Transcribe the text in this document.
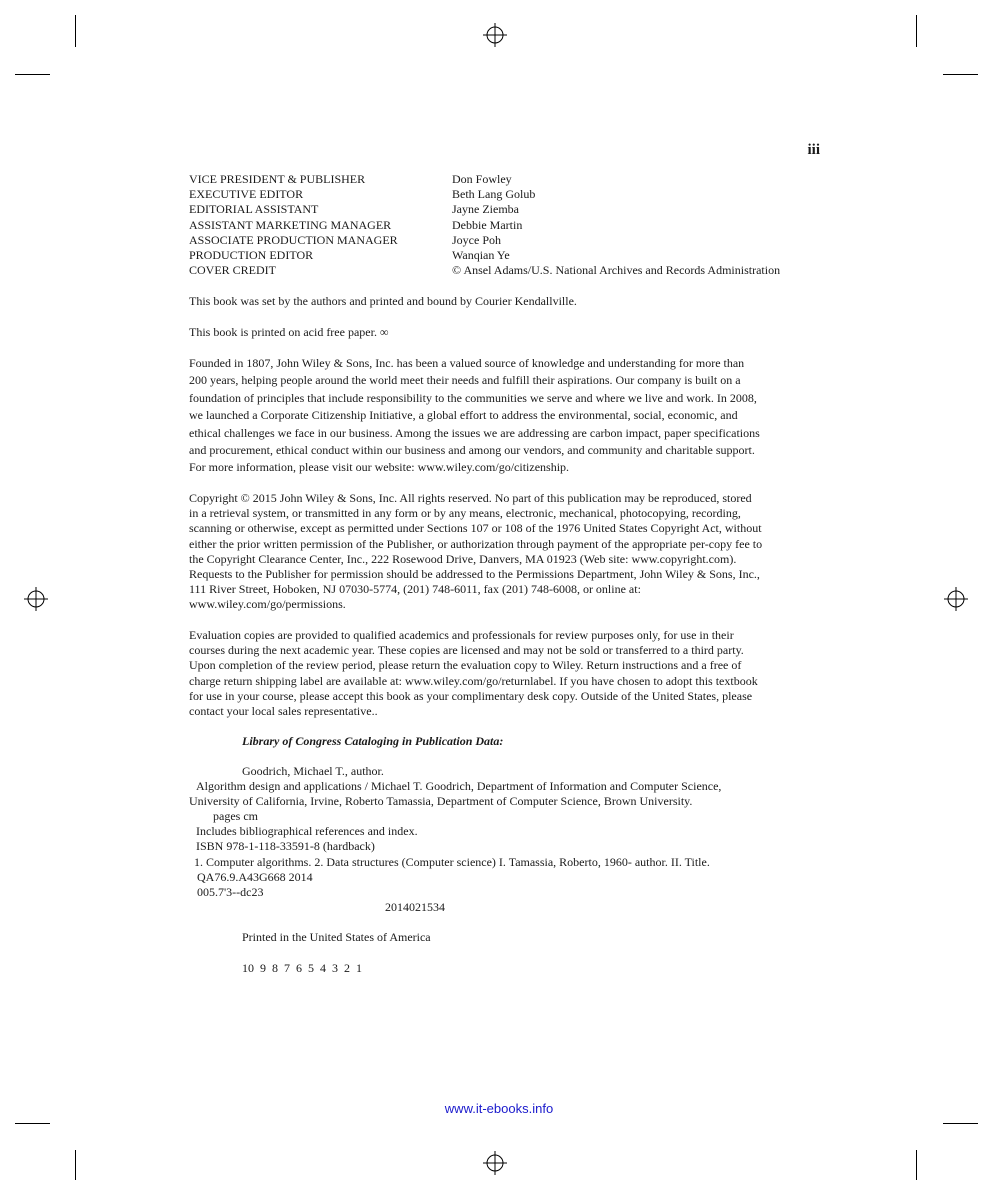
iii
VICE PRESIDENT & PUBLISHER	Don Fowley
EXECUTIVE EDITOR	Beth Lang Golub
EDITORIAL ASSISTANT	Jayne Ziemba
ASSISTANT MARKETING MANAGER	Debbie Martin
ASSOCIATE PRODUCTION MANAGER	Joyce Poh
PRODUCTION EDITOR	Wanqian Ye
COVER CREDIT	© Ansel Adams/U.S. National Archives and Records Administration
This book was set by the authors and printed and bound by Courier Kendallville.
This book is printed on acid free paper. ∞
Founded in 1807, John Wiley & Sons, Inc. has been a valued source of knowledge and understanding for more than
200 years, helping people around the world meet their needs and fulfill their aspirations. Our company is built on a
foundation of principles that include responsibility to the communities we serve and where we live and work. In 2008,
we launched a Corporate Citizenship Initiative, a global effort to address the environmental, social, economic, and
ethical challenges we face in our business. Among the issues we are addressing are carbon impact, paper specifications
and procurement, ethical conduct within our business and among our vendors, and community and charitable support.
For more information, please visit our website: www.wiley.com/go/citizenship.
Copyright © 2015 John Wiley & Sons, Inc. All rights reserved. No part of this publication may be reproduced, stored
in a retrieval system, or transmitted in any form or by any means, electronic, mechanical, photocopying, recording,
scanning or otherwise, except as permitted under Sections 107 or 108 of the 1976 United States Copyright Act, without
either the prior written permission of the Publisher, or authorization through payment of the appropriate per-copy fee to
the Copyright Clearance Center, Inc., 222 Rosewood Drive, Danvers, MA 01923 (Web site: www.copyright.com).
Requests to the Publisher for permission should be addressed to the Permissions Department, John Wiley & Sons, Inc.,
111 River Street, Hoboken, NJ 07030-5774, (201) 748-6011, fax (201) 748-6008, or online at:
www.wiley.com/go/permissions.
Evaluation copies are provided to qualified academics and professionals for review purposes only, for use in their
courses during the next academic year. These copies are licensed and may not be sold or transferred to a third party.
Upon completion of the review period, please return the evaluation copy to Wiley. Return instructions and a free of
charge return shipping label are available at: www.wiley.com/go/returnlabel. If you have chosen to adopt this textbook
for use in your course, please accept this book as your complimentary desk copy. Outside of the United States, please
contact your local sales representative..
Library of Congress Cataloging in Publication Data:
Goodrich, Michael T., author.
Algorithm design and applications / Michael T. Goodrich, Department of Information and Computer Science,
University of California, Irvine, Roberto Tamassia, Department of Computer Science, Brown University.
pages cm
Includes bibliographical references and index.
ISBN 978-1-118-33591-8 (hardback)
1. Computer algorithms. 2. Data structures (Computer science) I. Tamassia, Roberto, 1960- author. II. Title.
QA76.9.A43G668 2014
005.7'3--dc23
2014021534
Printed in the United States of America
10 9 8 7 6 5 4 3 2 1
www.it-ebooks.info
